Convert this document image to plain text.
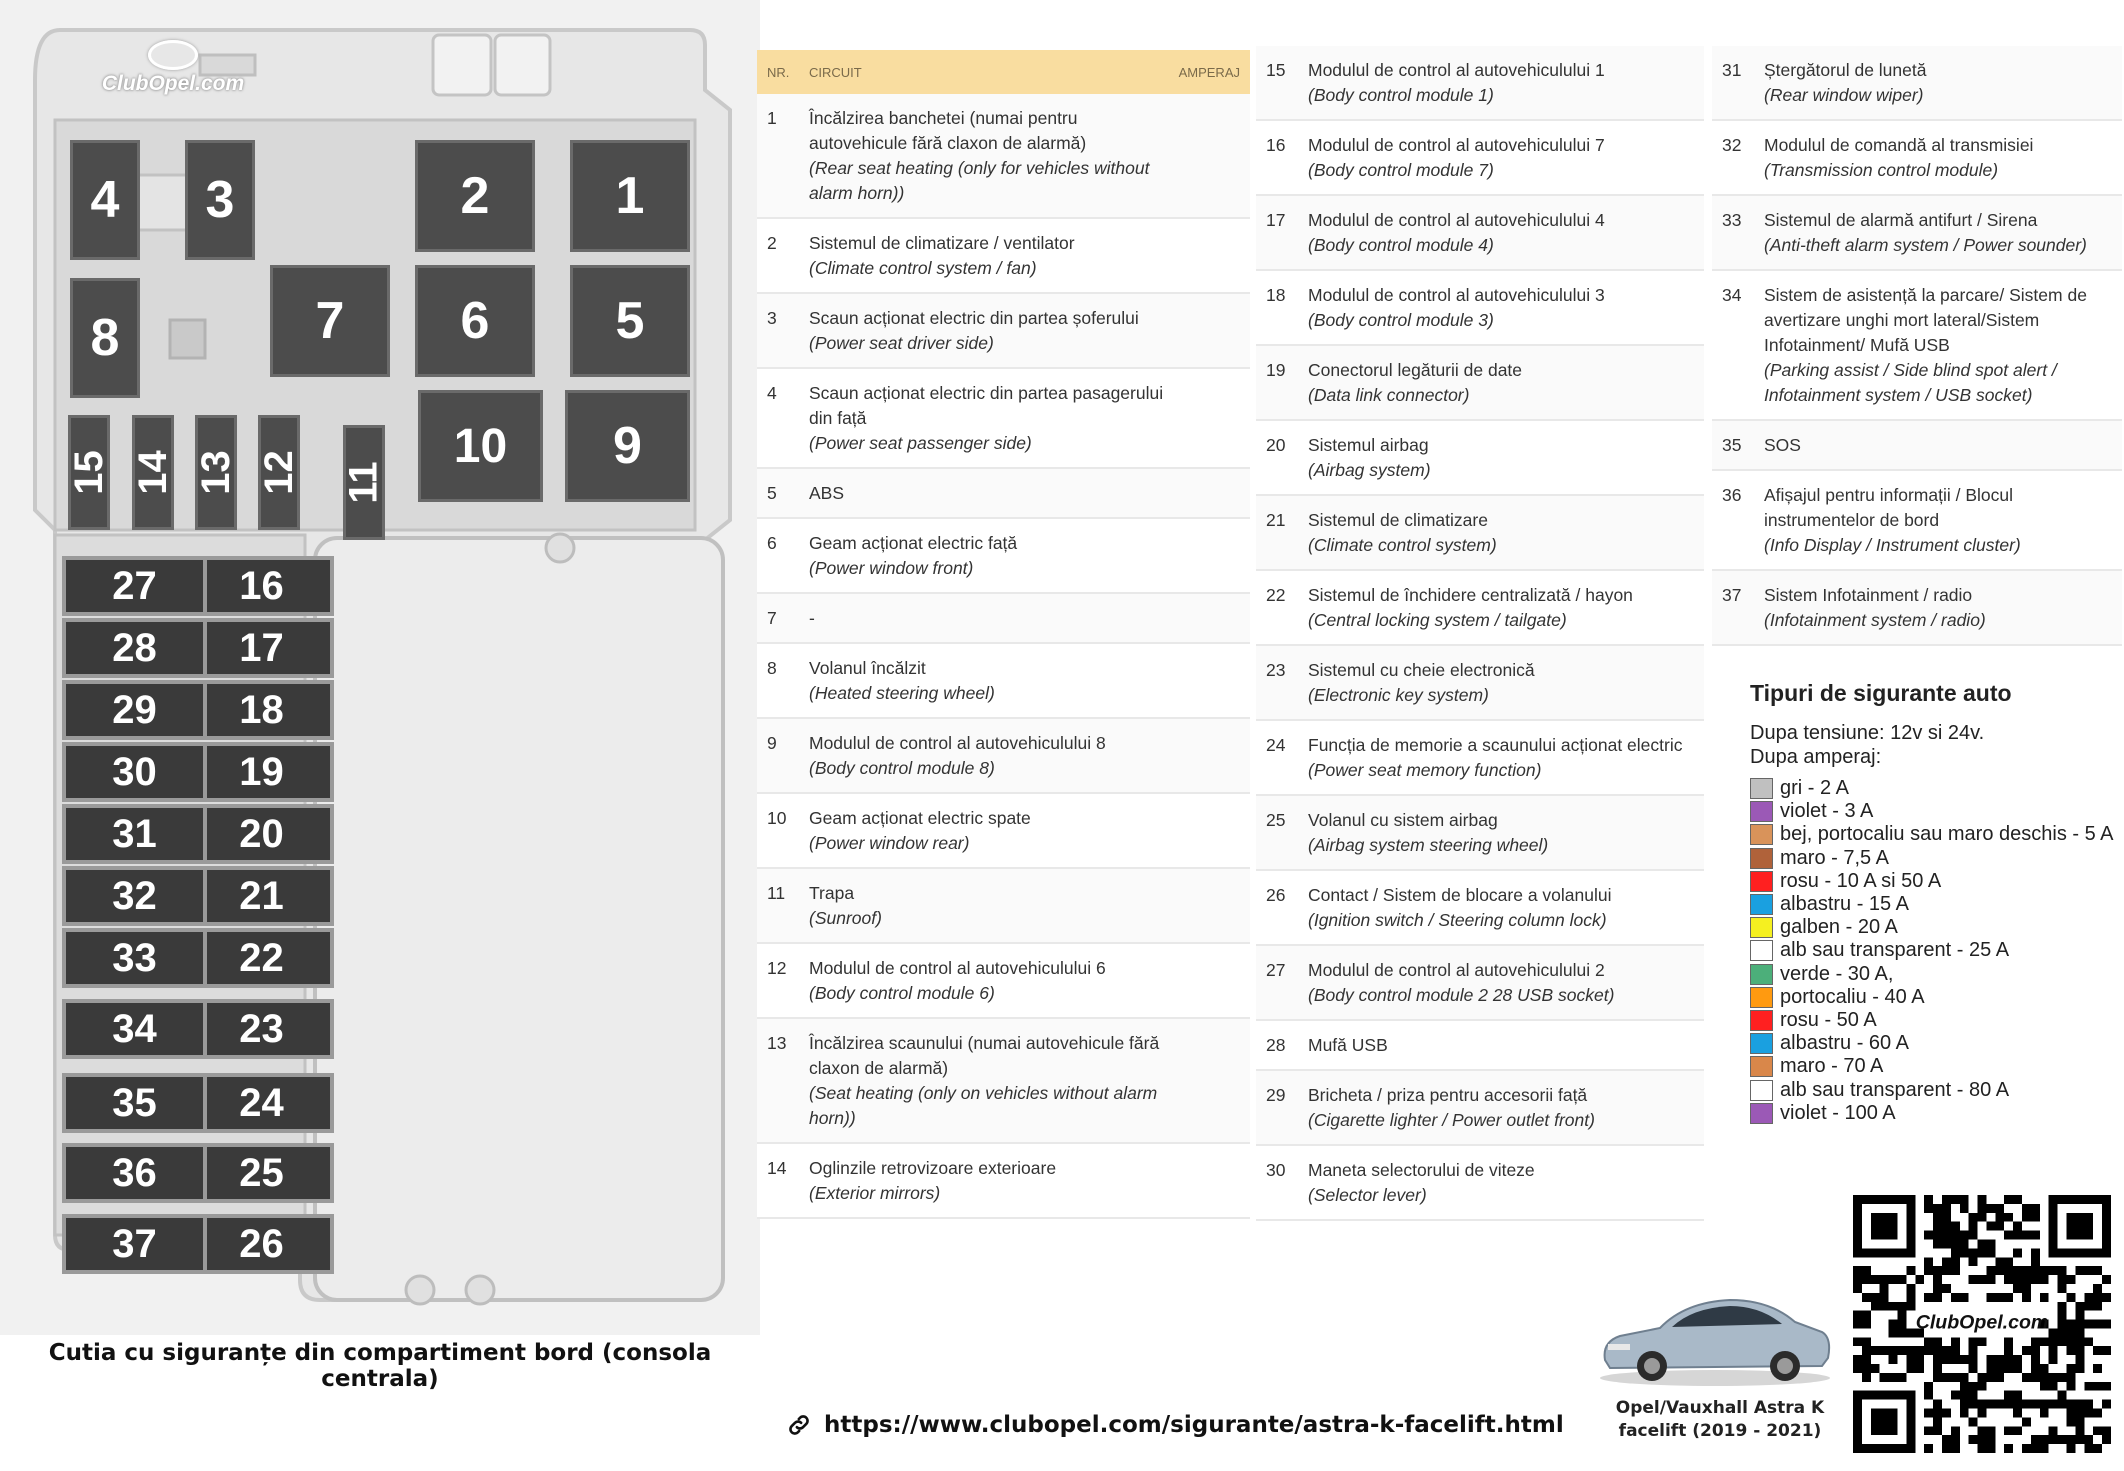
ClubOpel.com
1
2
3
4
5
6
7
8
9
10
11
12
13
14
15
16
17
18
19
20
21
22
23
24
25
26
27
28
29
30
31
32
33
34
35
36
37
Cutia cu siguranțe din compartiment bord (consola centrala)
NR.	CIRCUIT	AMPERAJ
1	Încălzirea banchetei (numai pentru autovehicule fără claxon de alarmă)
(Rear seat heating (only for vehicles without alarm horn))
2	Sistemul de climatizare / ventilator
(Climate control system / fan)
3	Scaun acționat electric din partea șoferului
(Power seat driver side)
4	Scaun acționat electric din partea pasagerului din față
(Power seat passenger side)
5	ABS
6	Geam acționat electric față
(Power window front)
7	-
8	Volanul încălzit
(Heated steering wheel)
9	Modulul de control al autovehiculului 8
(Body control module 8)
10	Geam acționat electric spate
(Power window rear)
11	Trapa
(Sunroof)
12	Modulul de control al autovehiculului 6
(Body control module 6)
13	Încălzirea scaunului (numai autovehicule fără claxon de alarmă)
(Seat heating (only on vehicles without alarm horn))
14	Oglinzile retrovizoare exterioare
(Exterior mirrors)
15	Modulul de control al autovehiculului 1
(Body control module 1)
16	Modulul de control al autovehiculului 7
(Body control module 7)
17	Modulul de control al autovehiculului 4
(Body control module 4)
18	Modulul de control al autovehiculului 3
(Body control module 3)
19	Conectorul legăturii de date
(Data link connector)
20	Sistemul airbag
(Airbag system)
21	Sistemul de climatizare
(Climate control system)
22	Sistemul de închidere centralizată / hayon
(Central locking system / tailgate)
23	Sistemul cu cheie electronică
(Electronic key system)
24	Funcția de memorie a scaunului acționat electric
(Power seat memory function)
25	Volanul cu sistem airbag
(Airbag system steering wheel)
26	Contact / Sistem de blocare a volanului
(Ignition switch / Steering column lock)
27	Modulul de control al autovehiculului 2
(Body control module 2 28 USB socket)
28	Mufă USB
29	Bricheta / priza pentru accesorii față
(Cigarette lighter / Power outlet front)
30	Maneta selectorului de viteze
(Selector lever)
31	Ștergătorul de lunetă
(Rear window wiper)
32	Modulul de comandă al transmisiei
(Transmission control module)
33	Sistemul de alarmă antifurt / Sirena
(Anti-theft alarm system / Power sounder)
34	Sistem de asistență la parcare/ Sistem de avertizare unghi mort lateral/Sistem Infotainment/ Mufă USB
(Parking assist / Side blind spot alert / Infotainment system / USB socket)
35	SOS
36	Afișajul pentru informații / Blocul instrumentelor de bord
(Info Display / Instrument cluster)
37	Sistem Infotainment / radio
(Infotainment system / radio)
Tipuri de sigurante auto
Dupa tensiune: 12v si 24v.
Dupa amperaj:
gri - 2 A
violet - 3 A
bej, portocaliu sau maro deschis - 5 A
maro - 7,5 A
rosu - 10 A si 50 A
albastru - 15 A
galben - 20 A
alb sau transparent - 25 A
verde - 30 A,
portocaliu - 40 A
rosu - 50 A
albastru - 60 A
maro - 70 A
alb sau transparent - 80 A
violet - 100 A
https://www.clubopel.com/sigurante/astra-k-facelift.html
Opel/Vauxhall Astra K
facelift (2019 - 2021)
ClubOpel.com
